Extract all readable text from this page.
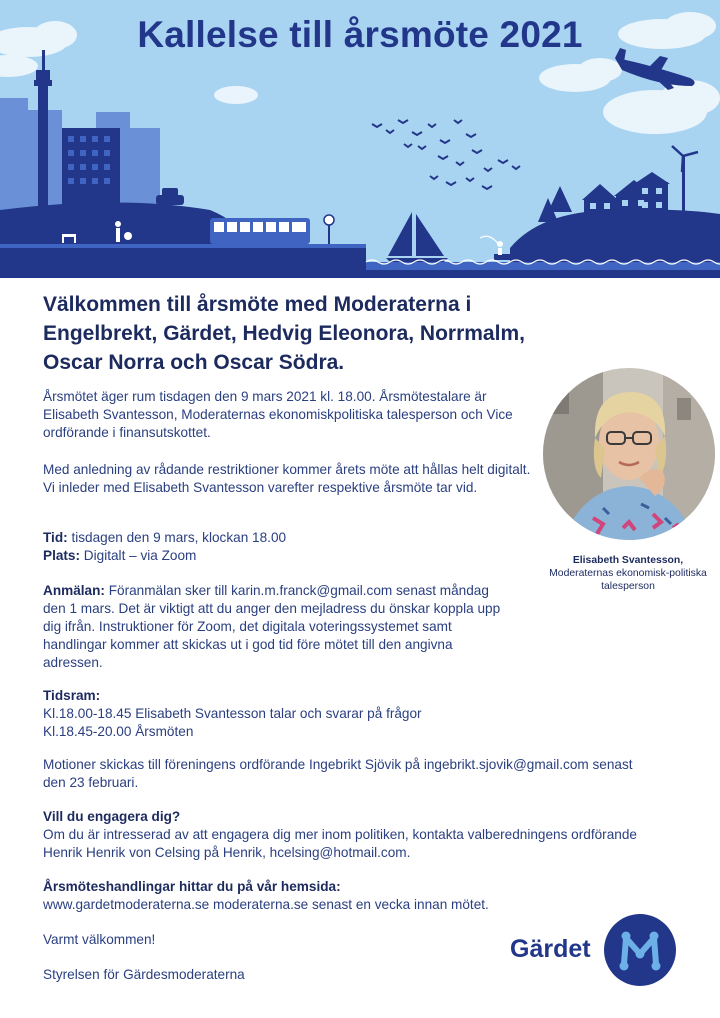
Kallelse till årsmöte 2021
Välkommen till årsmöte med Moderaterna i Engelbrekt, Gärdet, Hedvig Eleonora, Norrmalm, Oscar Norra och Oscar Södra.

Årsmötet äger rum tisdagen den 9 mars 2021 kl. 18.00. Årsmötestalare är Elisabeth Svantesson, Moderaternas ekonomiskpolitiska talesperson och Vice ordförande i finansutskottet.

Med anledning av rådande restriktioner kommer årets möte att hållas helt digitalt. Vi inleder med Elisabeth Svantesson varefter respektive årsmöte tar vid.

Tid: tisdagen den 9 mars, klockan 18.00

Plats: Digitalt – via Zoom

Anmälan: Föranmälan sker till karin.m.franck@gmail.com senast måndag den 1 mars. Det är viktigt att du anger den mejladress du önskar koppla upp dig ifrån. Instruktioner för Zoom, det digitala voteringssystemet samt handlingar kommer att skickas ut i god tid före mötet till den angivna adressen.

Tidsram:

Kl.18.00-18.45 Elisabeth Svantesson talar och svarar på frågor

Kl.18.45-20.00 Årsmöten

Motioner skickas till föreningens ordförande Ingebrikt Sjövik på ingebrikt.sjovik@gmail.com senast den 23 februari.

Vill du engagera dig?

Om du är intresserad av att engagera dig mer inom politiken, kontakta valberedningens ordförande Henrik Henrik von Celsing på Henrik, hcelsing@hotmail.com.

Årsmöteshandlingar hittar du på vår hemsida:

www.gardetmoderaterna.se moderaterna.se senast en vecka innan mötet.

Varmt välkommen!

Styrelsen för Gärdesmoderaterna

Elisabeth Svantesson,
Moderaternas ekonomisk-politiska talesperson
Gärdet
